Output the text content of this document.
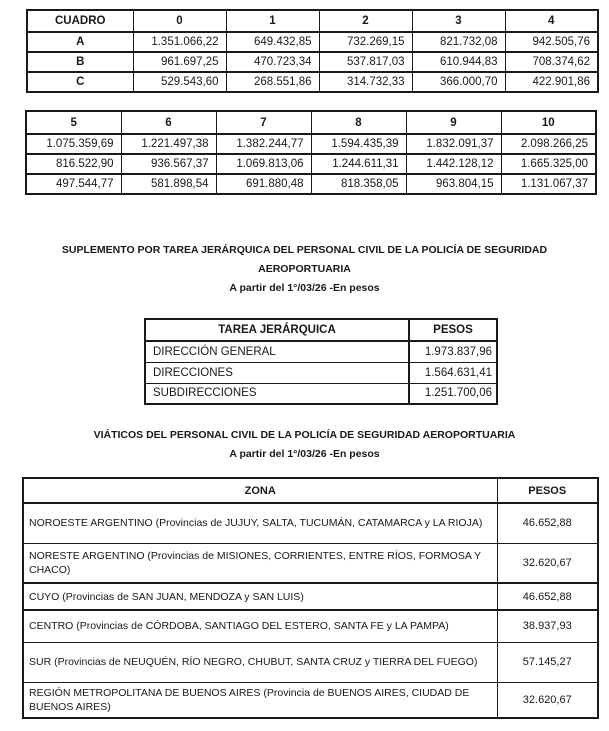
CUADRO	0	1	2	3	4
A	1.351.066,22	649.432,85	732.269,15	821.732,08	942.505,76
B	961.697,25	470.723,34	537.817,03	610.944,83	708.374,62
C	529.543,60	268.551,86	314.732,33	366.000,70	422.901,86
5	6	7	8	9	10
1.075.359,69	1.221.497,38	1.382.244,77	1.594.435,39	1.832.091,37	2.098.266,25
816.522,90	936.567,37	1.069.813,06	1.244.611,31	1.442.128,12	1.665.325,00
497.544,77	581.898,54	691.880,48	818.358,05	963.804,15	1.131.067,37
SUPLEMENTO POR TAREA JERÁRQUICA DEL PERSONAL CIVIL DE LA POLICÍA DE SEGURIDAD AEROPORTUARIA
A partir del 1°/03/26 -En pesos
TAREA JERÁRQUICA	PESOS
DIRECCIÓN GENERAL	1.973.837,96
DIRECCIONES	1.564.631,41
SUBDIRECCIONES	1.251.700,06
VIÁTICOS DEL PERSONAL CIVIL DE LA POLICÍA DE SEGURIDAD AEROPORTUARIA
A partir del 1°/03/26 -En pesos
ZONA	PESOS
NOROESTE ARGENTINO (Provincias de JUJUY, SALTA, TUCUMÁN, CATAMARCA y LA RIOJA)	46.652,88
NORESTE ARGENTINO (Provincias de MISIONES, CORRIENTES, ENTRE RÍOS, FORMOSA Y CHACO)	32.620,67
CUYO (Provincias de SAN JUAN, MENDOZA y SAN LUIS)	46.652,88
CENTRO (Provincias de CÓRDOBA, SANTIAGO DEL ESTERO, SANTA FE y LA PAMPA)	38.937,93
SUR (Provincias de NEUQUÉN, RÍO NEGRO, CHUBUT, SANTA CRUZ y TIERRA DEL FUEGO)	57.145,27
REGIÓN METROPOLITANA DE BUENOS AIRES (Provincia de BUENOS AIRES, CIUDAD DE BUENOS AIRES)	32.620,67
